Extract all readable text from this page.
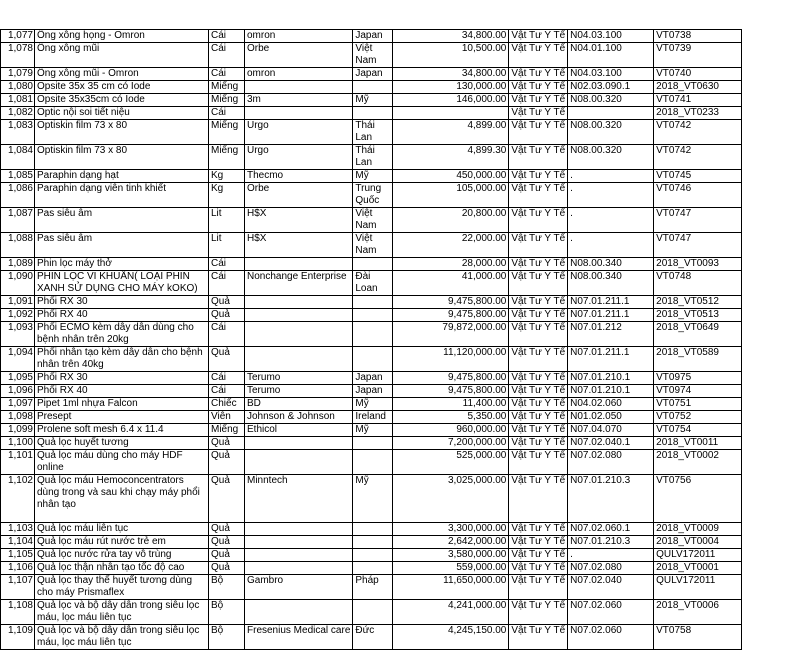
1,077	Ống xông họng - Omron	Cái	omron	Japan	34,800.00	Vật Tư Y Tế	N04.03.100	VT0738
1,078	Ống xông mũi	Cái	Orbe	Việt Nam	10,500.00	Vật Tư Y Tế	N04.01.100	VT0739
1,079	Ống xông mũi - Omron	Cái	omron	Japan	34,800.00	Vật Tư Y Tế	N04.03.100	VT0740
1,080	Opsite 35x 35 cm có Iode	Miếng			130,000.00	Vật Tư Y Tế	N02.03.090.1	2018_VT0630
1,081	Opsite 35x35cm có Iode	Miếng	3m	Mỹ	146,000.00	Vật Tư Y Tế	N08.00.320	VT0741
1,082	Optic nội soi tiết niệu	Cái				Vật Tư Y Tế		2018_VT0233
1,083	Optiskin film 73 x 80	Miếng	Urgo	Thái Lan	4,899.00	Vật Tư Y Tế	N08.00.320	VT0742
1,084	Optiskin film 73 x 80	Miếng	Urgo	Thái Lan	4,899.30	Vật Tư Y Tế	N08.00.320	VT0742
1,085	Paraphin dạng hạt	Kg	Thecmo	Mỹ	450,000.00	Vật Tư Y Tế	.	VT0745
1,086	Paraphin dạng viên tinh khiết	Kg	Orbe	Trung Quốc	105,000.00	Vật Tư Y Tế	.	VT0746
1,087	Pas siêu âm	Lit	H$X	Việt Nam	20,800.00	Vật Tư Y Tế	.	VT0747
1,088	Pas siêu âm	Lit	H$X	Việt Nam	22,000.00	Vật Tư Y Tế	.	VT0747
1,089	Phin lọc máy thở	Cái			28,000.00	Vật Tư Y Tế	N08.00.340	2018_VT0093
1,090	PHIN LỌC VI KHUẨN( LOẠI PHIN XANH SỬ DỤNG CHO MÁY kOKO)	Cái	Nonchange Enterprise	Đài Loan	41,000.00	Vật Tư Y Tế	N08.00.340	VT0748
1,091	Phổi RX 30	Quả			9,475,800.00	Vật Tư Y Tế	N07.01.211.1	2018_VT0512
1,092	Phổi RX 40	Quả			9,475,800.00	Vật Tư Y Tế	N07.01.211.1	2018_VT0513
1,093	Phổi ECMO kèm dây dẫn dùng cho bệnh nhân trên 20kg	Cái			79,872,000.00	Vật Tư Y Tế	N07.01.212	2018_VT0649
1,094	Phổi nhân tạo kèm dây dẫn cho bệnh nhân trên 40kg	Quả			11,120,000.00	Vật Tư Y Tế	N07.01.211.1	2018_VT0589
1,095	Phổi RX 30	Cái	Terumo	Japan	9,475,800.00	Vật Tư Y Tế	N07.01.210.1	VT0975
1,096	Phổi RX 40	Cái	Terumo	Japan	9,475,800.00	Vật Tư Y Tế	N07.01.210.1	VT0974
1,097	Pipet 1ml nhựa Falcon	Chiếc	BD	Mỹ	11,400.00	Vật Tư Y Tế	N04.02.060	VT0751
1,098	Presept	Viên	Johnson & Johnson	Ireland	5,350.00	Vật Tư Y Tế	N01.02.050	VT0752
1,099	Prolene soft mesh 6.4 x 11.4	Miếng	Ethicol	Mỹ	960,000.00	Vật Tư Y Tế	N07.04.070	VT0754
1,100	Quả lọc huyết tương	Quả			7,200,000.00	Vật Tư Y Tế	N07.02.040.1	2018_VT0011
1,101	Quả lọc máu dùng cho máy HDF online	Quả			525,000.00	Vật Tư Y Tế	N07.02.080	2018_VT0002
1,102	Quả lọc máu Hemoconcentrators dùng trong và sau khi chạy máy phổi nhân tạo	Quả	Minntech	Mỹ	3,025,000.00	Vật Tư Y Tế	N07.01.210.3	VT0756
1,103	Quả lọc máu liên tục	Quả			3,300,000.00	Vật Tư Y Tế	N07.02.060.1	2018_VT0009
1,104	Quả lọc máu rút nước trẻ em	Quả			2,642,000.00	Vật Tư Y Tế	N07.01.210.3	2018_VT0004
1,105	Quả lọc nước rửa tay vô trùng	Quả			3,580,000.00	Vật Tư Y Tế	.	QULV172011
1,106	Quả lọc thận nhân tạo tốc độ cao	Quả			559,000.00	Vật Tư Y Tế	N07.02.080	2018_VT0001
1,107	Quả lọc thay thế huyết tương dùng cho máy Prismaflex	Bộ	Gambro	Pháp	11,650,000.00	Vật Tư Y Tế	N07.02.040	QULV172011
1,108	Quả lọc và bộ dây dẫn trong siêu lọc máu, lọc máu liên tục	Bộ			4,241,000.00	Vật Tư Y Tế	N07.02.060	2018_VT0006
1,109	Quả lọc và bộ dây dẫn trong siêu lọc máu, lọc máu liên tục	Bộ	Fresenius Medical care	Đức	4,245,150.00	Vật Tư Y Tế	N07.02.060	VT0758
